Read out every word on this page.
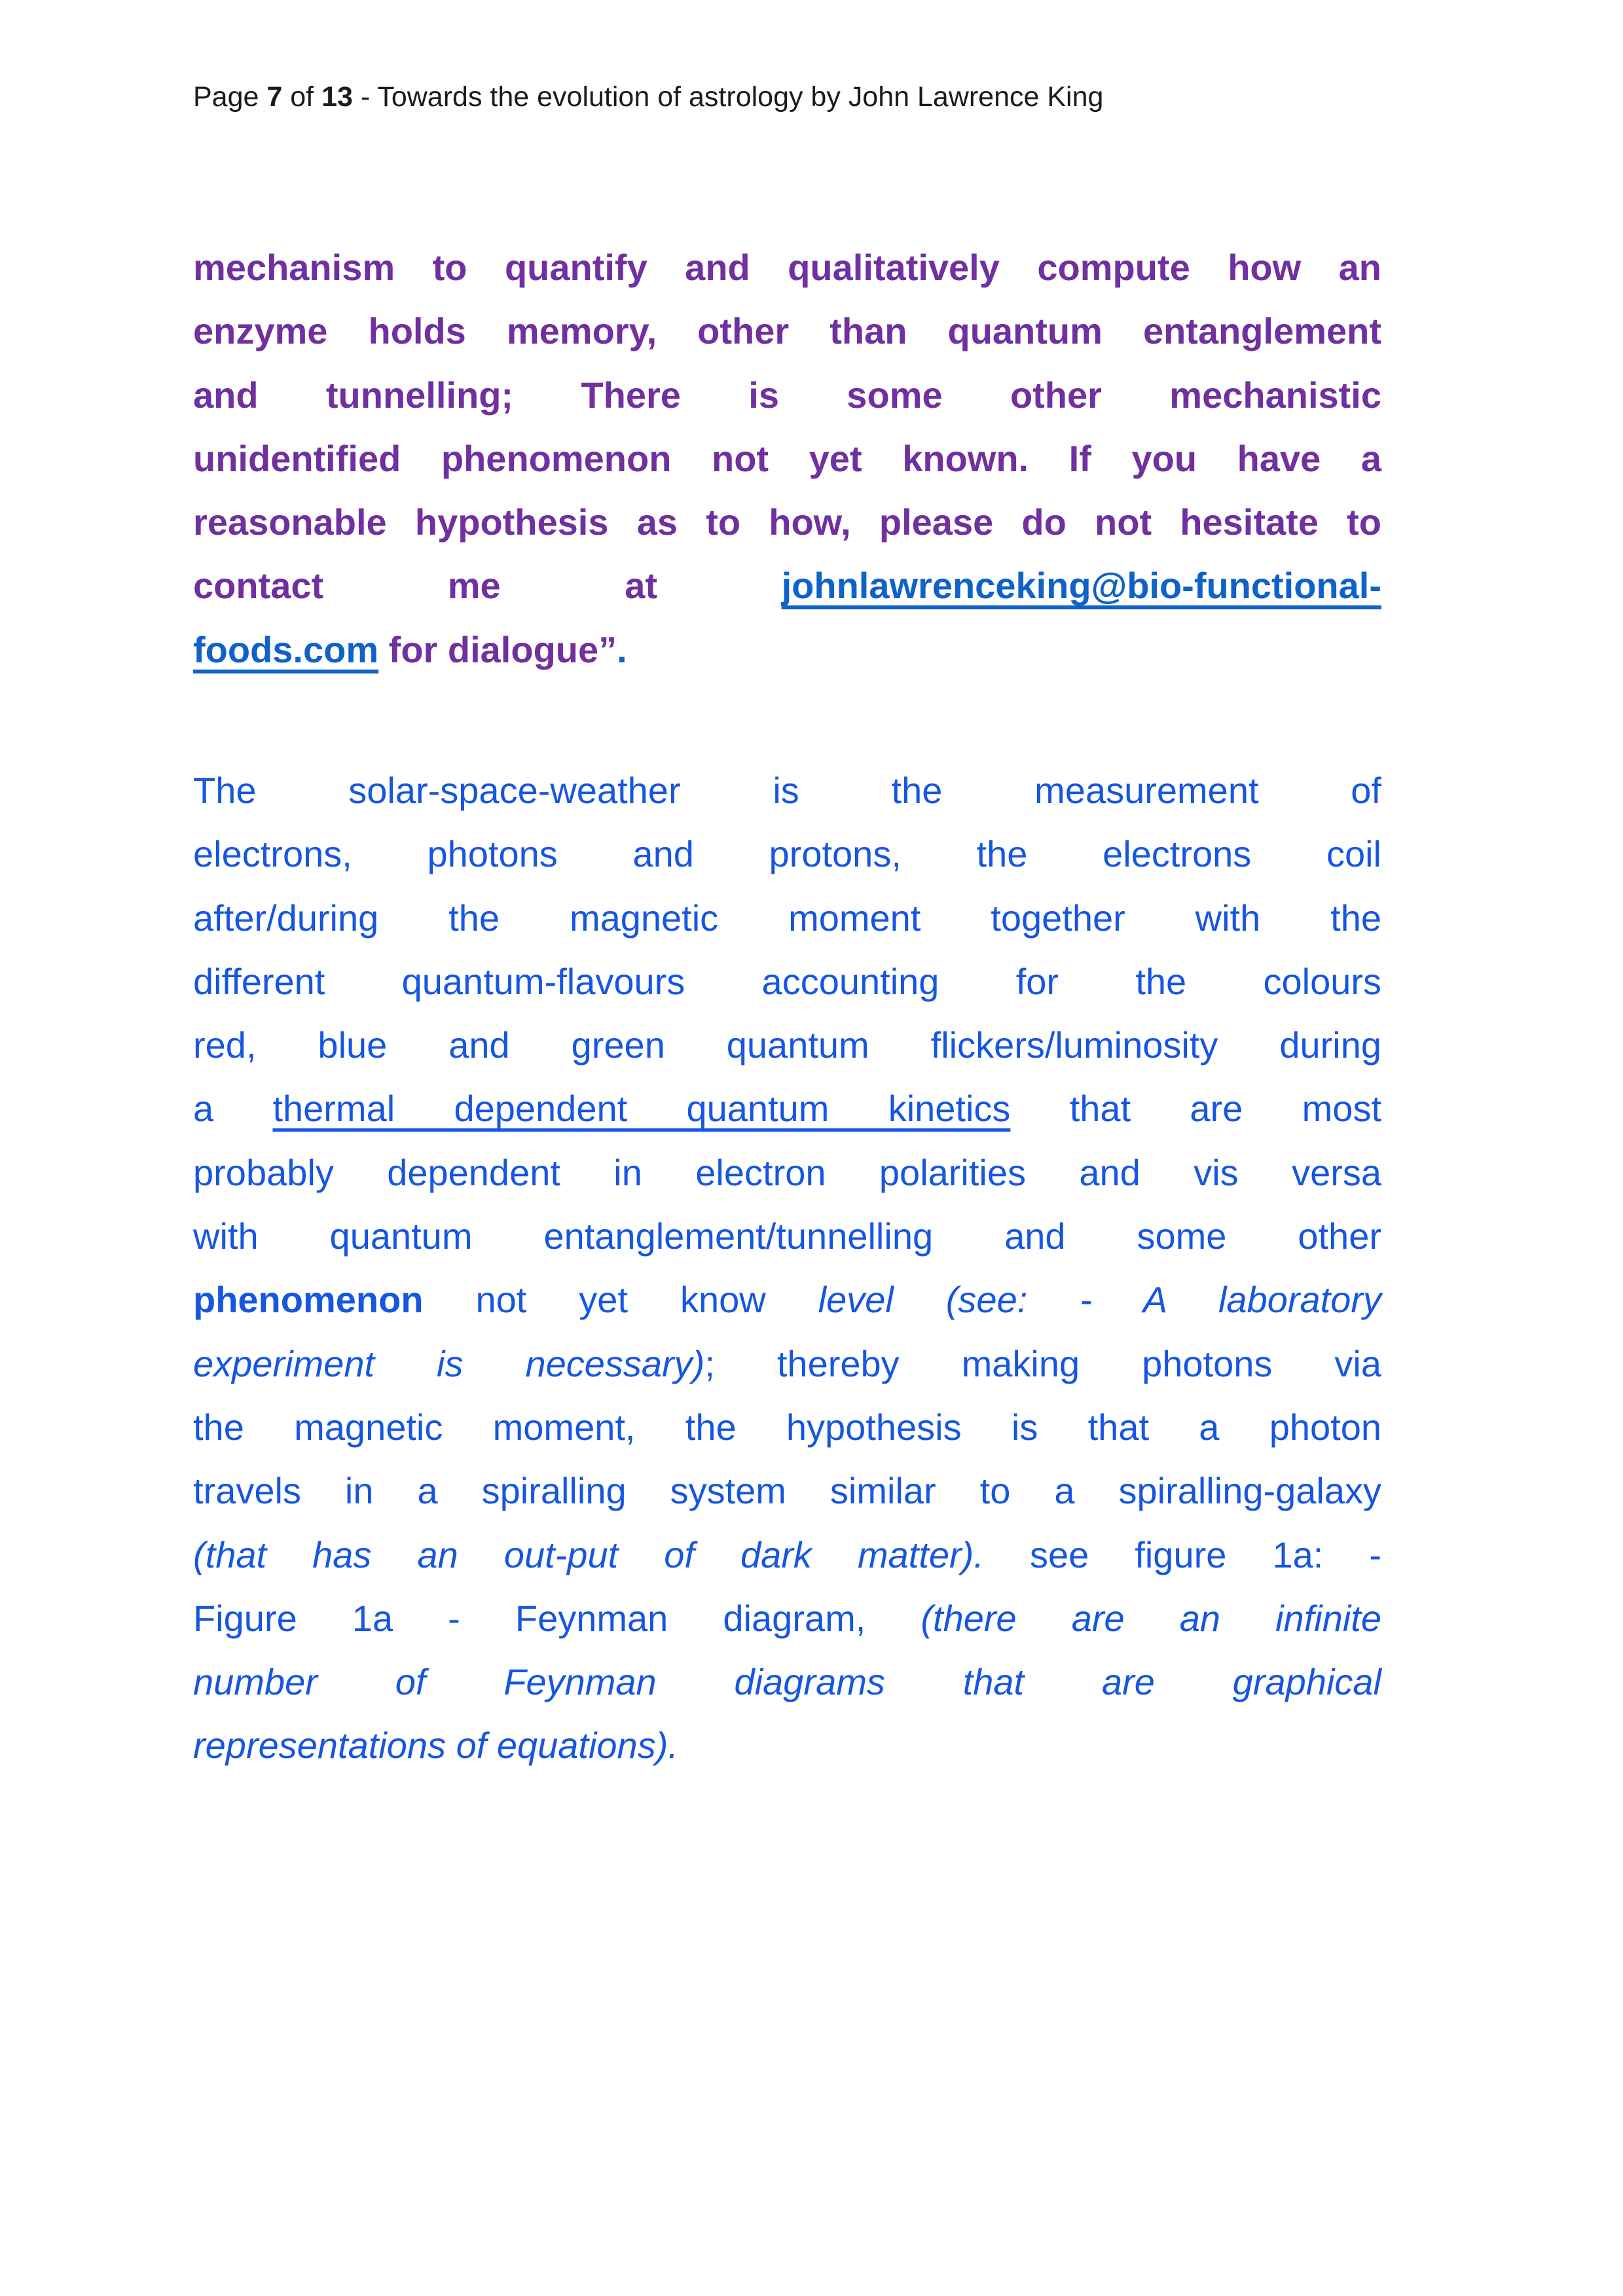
Page 7 of 13 - Towards the evolution of astrology by John Lawrence King
mechanism to quantify and qualitatively compute how an
enzyme holds memory, other than quantum entanglement
and tunnelling; There is some other mechanistic
unidentified phenomenon not yet known. If you have a
reasonable hypothesis as to how, please do not hesitate to
contact me at johnlawrenceking@bio-functional-
foods.com for dialogue”.
The solar-space-weather is the measurement of
electrons, photons and protons, the electrons coil
after/during the magnetic moment together with the
different quantum-flavours accounting for the colours
red, blue and green quantum flickers/luminosity during
a thermal dependent quantum kinetics that are most
probably dependent in electron polarities and vis versa
with quantum entanglement/tunnelling and some other
phenomenon not yet know level (see: - A laboratory
experiment is necessary); thereby making photons via
the magnetic moment, the hypothesis is that a photon
travels in a spiralling system similar to a spiralling-galaxy
(that has an out-put of dark matter). see figure 1a: -
Figure 1a - Feynman diagram, (there are an infinite
number of Feynman diagrams that are graphical
representations of equations).
